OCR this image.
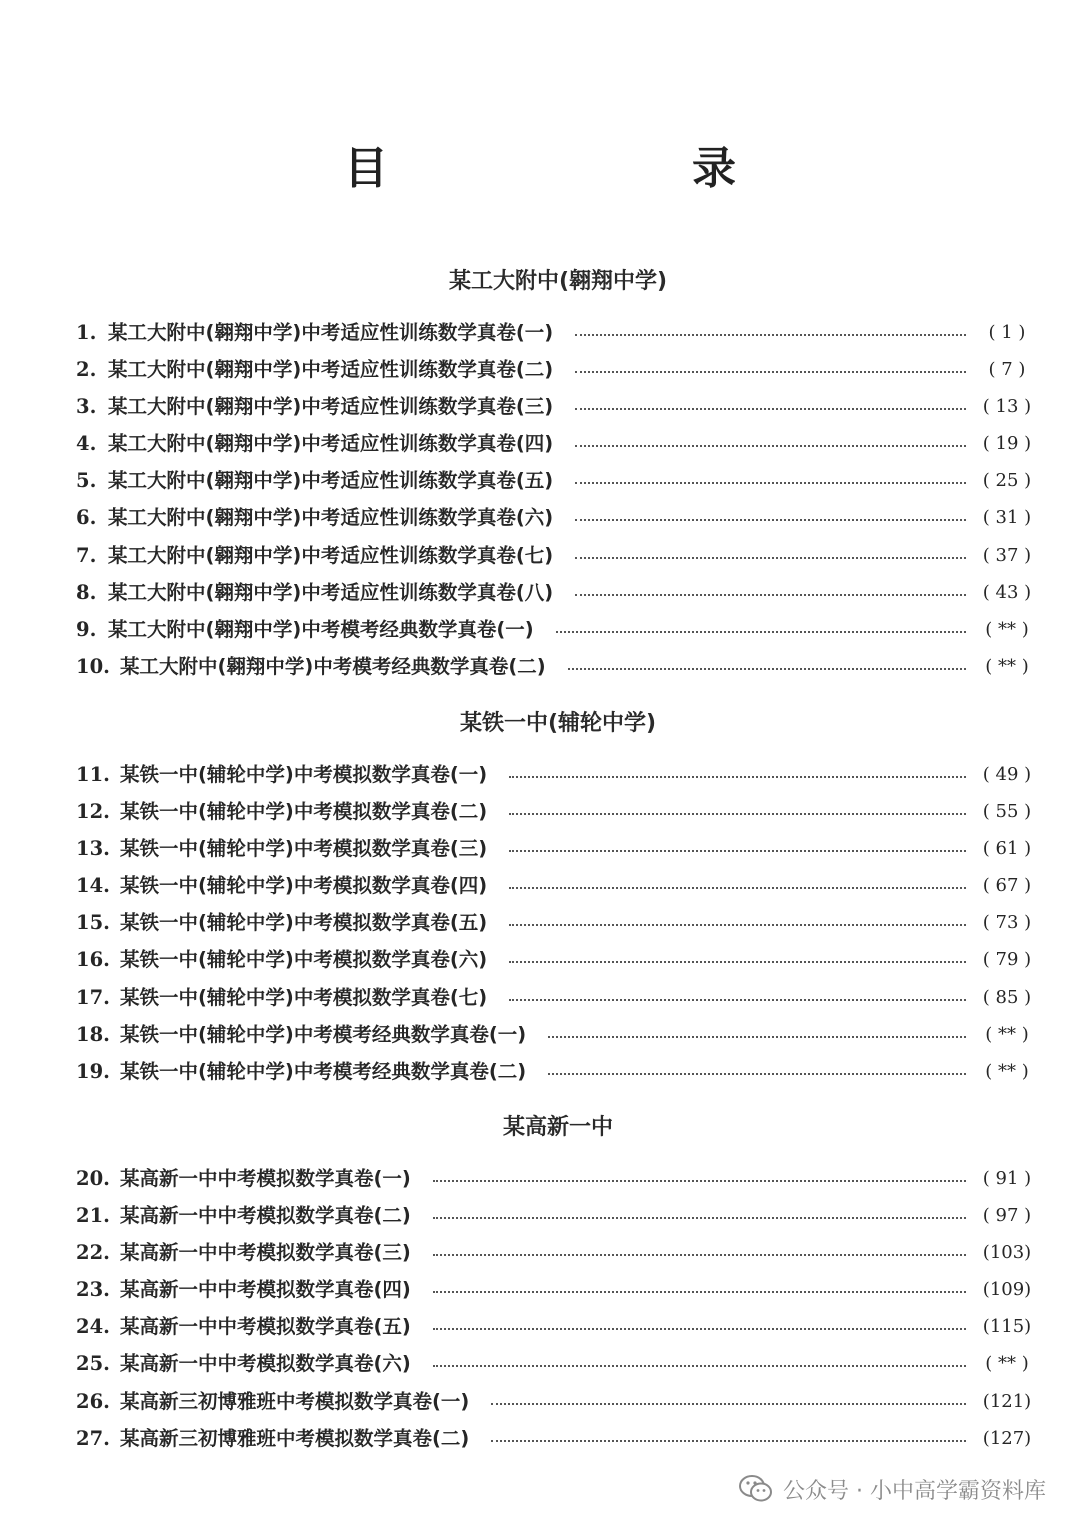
目　　录
某工大附中(翱翔中学)
1. 某工大附中(翱翔中学)中考适应性训练数学真卷(一)	( 1 )
2. 某工大附中(翱翔中学)中考适应性训练数学真卷(二)	( 7 )
3. 某工大附中(翱翔中学)中考适应性训练数学真卷(三)	( 13 )
4. 某工大附中(翱翔中学)中考适应性训练数学真卷(四)	( 19 )
5. 某工大附中(翱翔中学)中考适应性训练数学真卷(五)	( 25 )
6. 某工大附中(翱翔中学)中考适应性训练数学真卷(六)	( 31 )
7. 某工大附中(翱翔中学)中考适应性训练数学真卷(七)	( 37 )
8. 某工大附中(翱翔中学)中考适应性训练数学真卷(八)	( 43 )
9. 某工大附中(翱翔中学)中考模考经典数学真卷(一)	( ** )
10. 某工大附中(翱翔中学)中考模考经典数学真卷(二)	( ** )
某铁一中(辅轮中学)
11. 某铁一中(辅轮中学)中考模拟数学真卷(一)	( 49 )
12. 某铁一中(辅轮中学)中考模拟数学真卷(二)	( 55 )
13. 某铁一中(辅轮中学)中考模拟数学真卷(三)	( 61 )
14. 某铁一中(辅轮中学)中考模拟数学真卷(四)	( 67 )
15. 某铁一中(辅轮中学)中考模拟数学真卷(五)	( 73 )
16. 某铁一中(辅轮中学)中考模拟数学真卷(六)	( 79 )
17. 某铁一中(辅轮中学)中考模拟数学真卷(七)	( 85 )
18. 某铁一中(辅轮中学)中考模考经典数学真卷(一)	( ** )
19. 某铁一中(辅轮中学)中考模考经典数学真卷(二)	( ** )
某高新一中
20. 某高新一中中考模拟数学真卷(一)	( 91 )
21. 某高新一中中考模拟数学真卷(二)	( 97 )
22. 某高新一中中考模拟数学真卷(三)	(103)
23. 某高新一中中考模拟数学真卷(四)	(109)
24. 某高新一中中考模拟数学真卷(五)	(115)
25. 某高新一中中考模拟数学真卷(六)	( ** )
26. 某高新三初博雅班中考模拟数学真卷(一)	(121)
27. 某高新三初博雅班中考模拟数学真卷(二)	(127)
公众号 · 小中高学霸资料库
